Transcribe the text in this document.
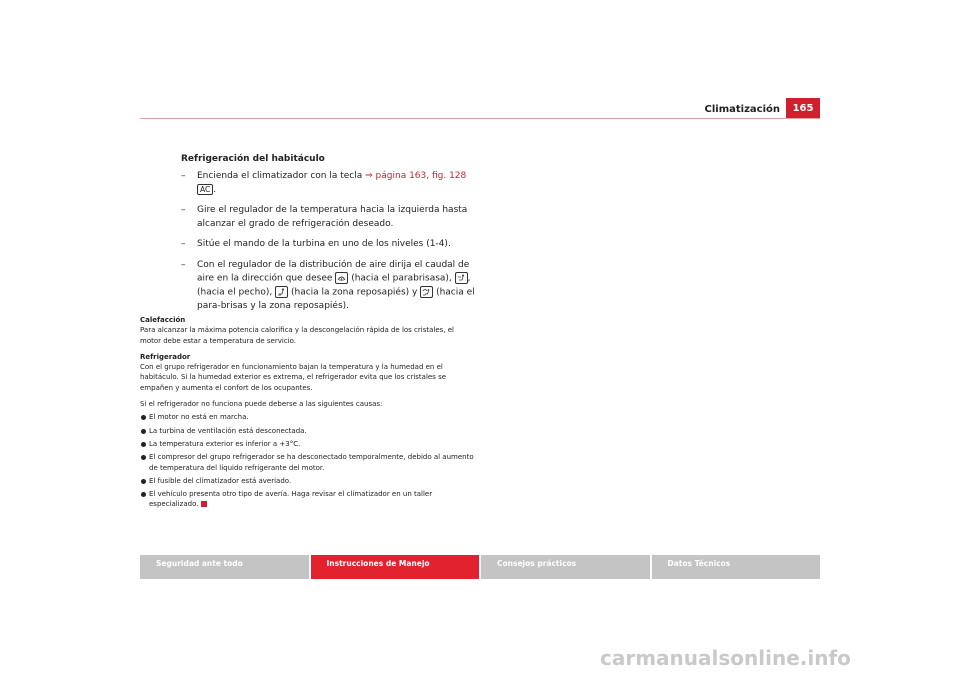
Climatización	165
Refrigeración del habitáculo
– Encienda el climatizador con la tecla ⇒ página 163, fig. 128 AC .
– Gire el regulador de la temperatura hacia la izquierda hasta alcanzar el grado de refrigeración deseado.
– Sitúe el mando de la turbina en uno de los niveles (1-4).
– Con el regulador de la distribución de aire dirija el caudal de aire en la dirección que desee (hacia el parabrisasa), , (hacia el pecho), (hacia la zona reposapiés) y (hacia el para-brisas y la zona reposapiés).
Calefacción

Para alcanzar la máxima potencia calorífica y la descongelación rápida de los cristales, el motor debe estar a temperatura de servicio.

Refrigerador

Con el grupo refrigerador en funcionamiento bajan la temperatura y la humedad en el habitáculo. Si la humedad exterior es extrema, el refrigerador evita que los cristales se empañen y aumenta el confort de los ocupantes.

Si el refrigerador no funciona puede deberse a las siguientes causas:

El motor no está en marcha.
La turbina de ventilación está desconectada.
La temperatura exterior es inferior a +3°C.
El compresor del grupo refrigerador se ha desconectado temporalmente, debido al aumento de temperatura del líquido refrigerante del motor.
El fusible del climatizador está averiado.
El vehículo presenta otro tipo de avería. Haga revisar el climatizador en un taller especializado.
Seguridad ante todo	Instrucciones de Manejo	Consejos prácticos	Datos Técnicos
carmanualsonline.info
